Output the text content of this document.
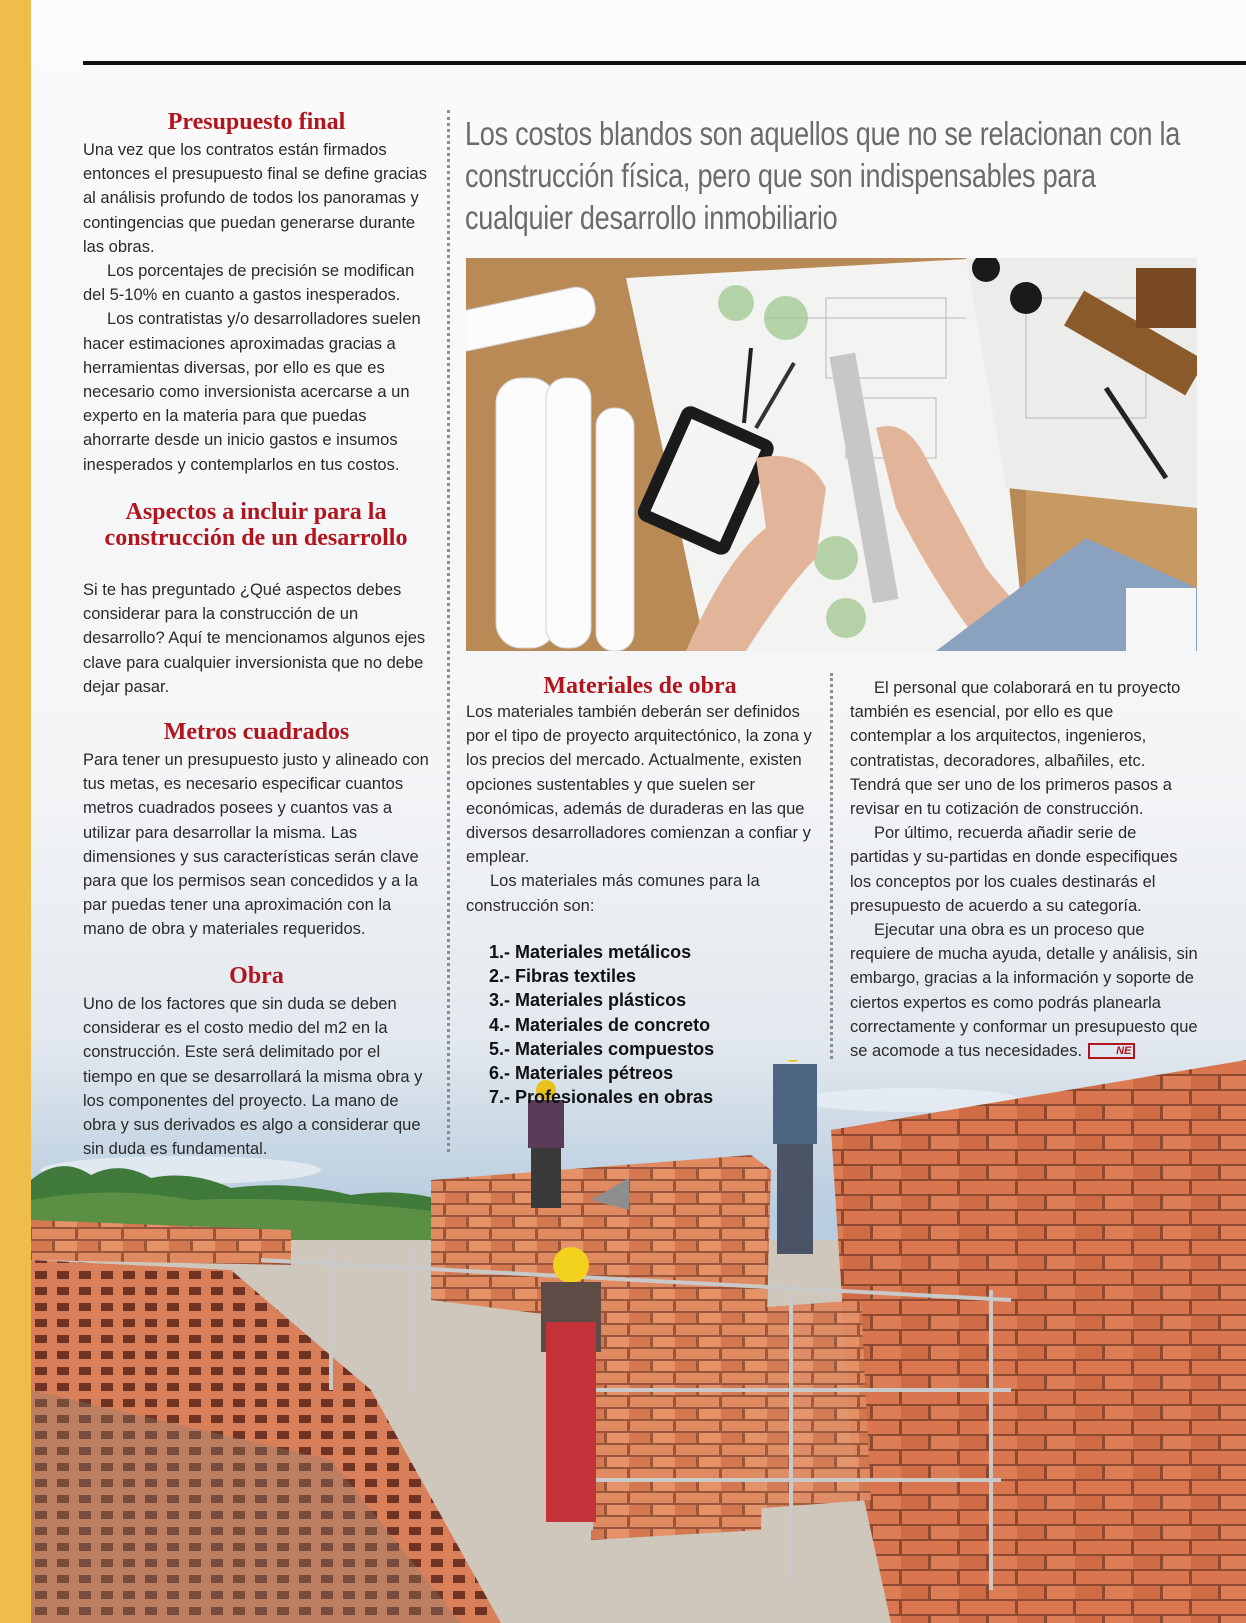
Presupuesto final

Una vez que los contratos están firmados entonces el presupuesto final se define gracias al análisis profundo de todos los panoramas y contingencias que puedan generarse durante las obras.

Los porcentajes de precisión se modifican del 5-10% en cuanto a gastos inesperados.

Los contratistas y/o desarrolladores suelen hacer estimaciones aproximadas gracias a herramientas diversas, por ello es que es necesario como inversionista acercarse a un experto en la materia para que puedas ahorrarte desde un inicio gastos e insumos inesperados y contemplarlos en tus costos.

Aspectos a incluir para la construcción de un desarrollo

Si te has preguntado ¿Qué aspectos debes considerar para la construcción de un desarrollo? Aquí te mencionamos algunos ejes clave para cualquier inversionista que no debe dejar pasar.

Metros cuadrados

Para tener un presupuesto justo y alineado con tus metas, es necesario especificar cuantos metros cuadrados posees y cuantos vas a utilizar para desarrollar la misma. Las dimensiones y sus características serán clave para que los permisos sean concedidos y a la par puedas tener una aproximación con la mano de obra y materiales requeridos.

Obra

Uno de los factores que sin duda se deben considerar es el costo medio del m2 en la construcción. Este será delimitado por el tiempo en que se desarrollará la misma obra y los componentes del proyecto. La mano de obra y sus derivados es algo a considerar que sin duda es fundamental.

Los costos blandos son aquellos que no se relacionan con la construcción física, pero que son indispensables para cualquier desarrollo inmobiliario
Materiales de obra

Los materiales también deberán ser definidos por el tipo de proyecto arquitectónico, la zona y los precios del mercado. Actualmente, existen opciones sustentables y que suelen ser económicas, además de duraderas en las que diversos desarrolladores comienzan a confiar y emplear.

Los materiales más comunes para la construcción son:

1.- Materiales metálicos
2.- Fibras textiles
3.- Materiales plásticos
4.- Materiales de concreto
5.- Materiales compuestos
6.- Materiales pétreos
7.- Profesionales en obras

El personal que colaborará en tu proyecto también es esencial, por ello es que contemplar a los arquitectos, ingenieros, contratistas, decoradores, albañiles, etc. Tendrá que ser uno de los primeros pasos a revisar en tu cotización de construcción.

Por último, recuerda añadir serie de partidas y su-partidas en donde especifiques los conceptos por los cuales destinarás el presupuesto de acuerdo a su categoría.

Ejecutar una obra es un proceso que requiere de mucha ayuda, detalle y análisis, sin embargo, gracias a la información y soporte de ciertos expertos es como podrás planearla correctamente y conformar un presupuesto que se acomode a tus necesidades.	NE
